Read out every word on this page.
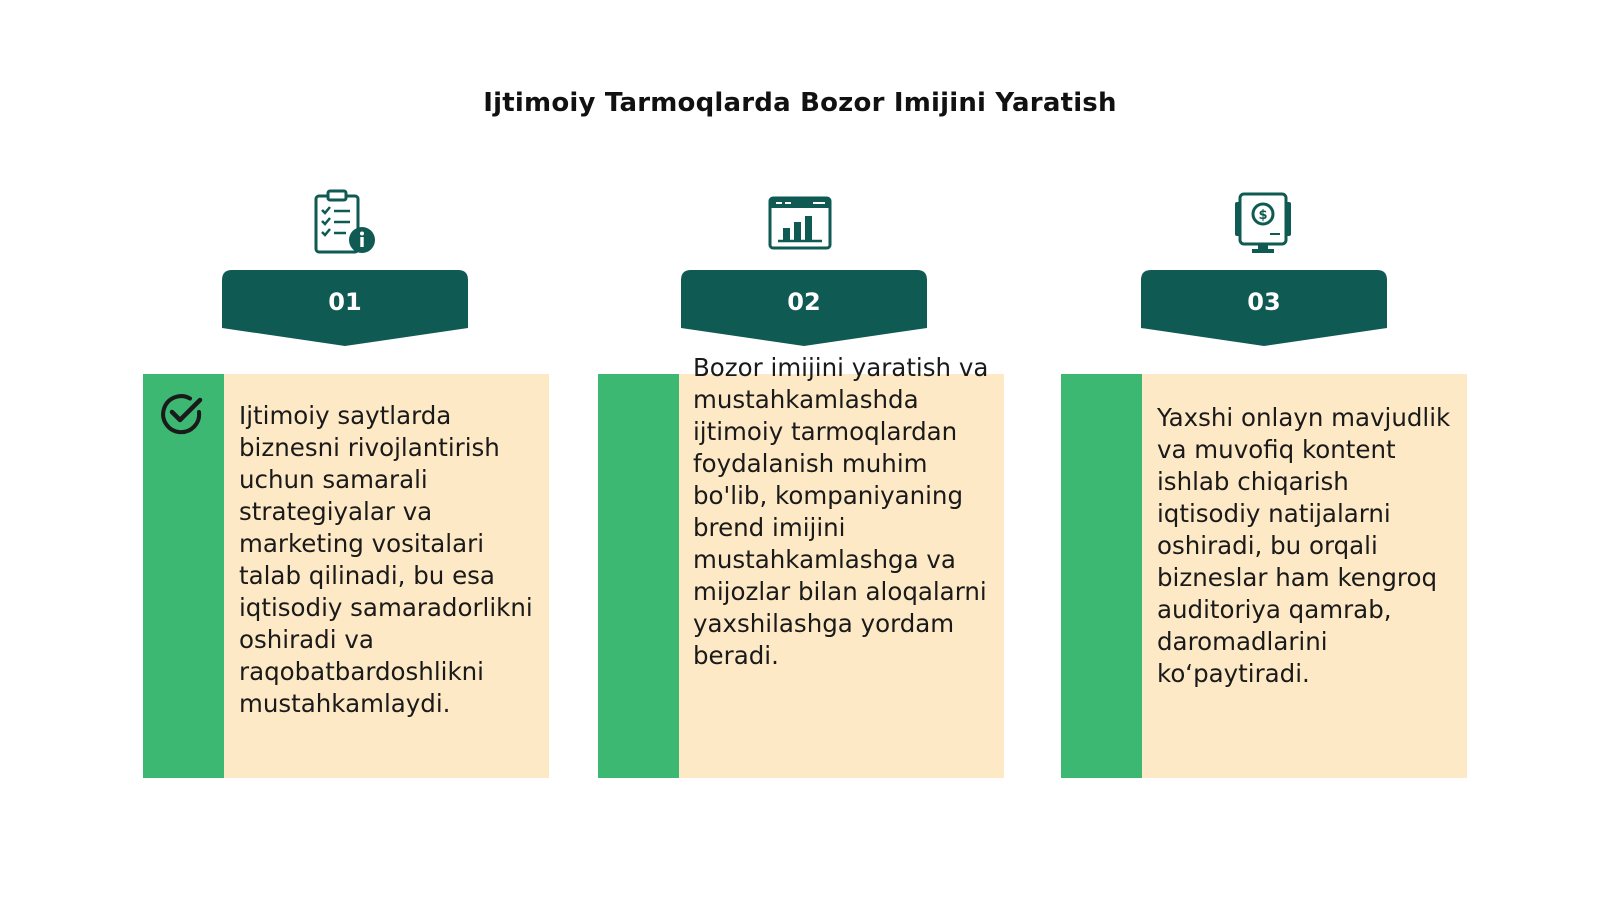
Ijtimoiy Tarmoqlarda Bozor Imijini Yaratish
01
Ijtimoiy saytlarda biznesni rivojlantirish uchun samarali strategiyalar va marketing vositalari talab qilinadi, bu esa iqtisodiy samaradorlikni oshiradi va raqobatbardoshlikni mustahkamlaydi.
02
Bozor imijini yaratish va mustahkamlashda ijtimoiy tarmoqlardan foydalanish muhim bo'lib, kompaniyaning brend imijini mustahkamlashga va mijozlar bilan aloqalarni yaxshilashga yordam beradi.
$
03
Yaxshi onlayn mavjudlik va muvofiq kontent ishlab chiqarish iqtisodiy natijalarni oshiradi, bu orqali bizneslar ham kengroq auditoriya qamrab, daromadlarini koʻpaytiradi.
